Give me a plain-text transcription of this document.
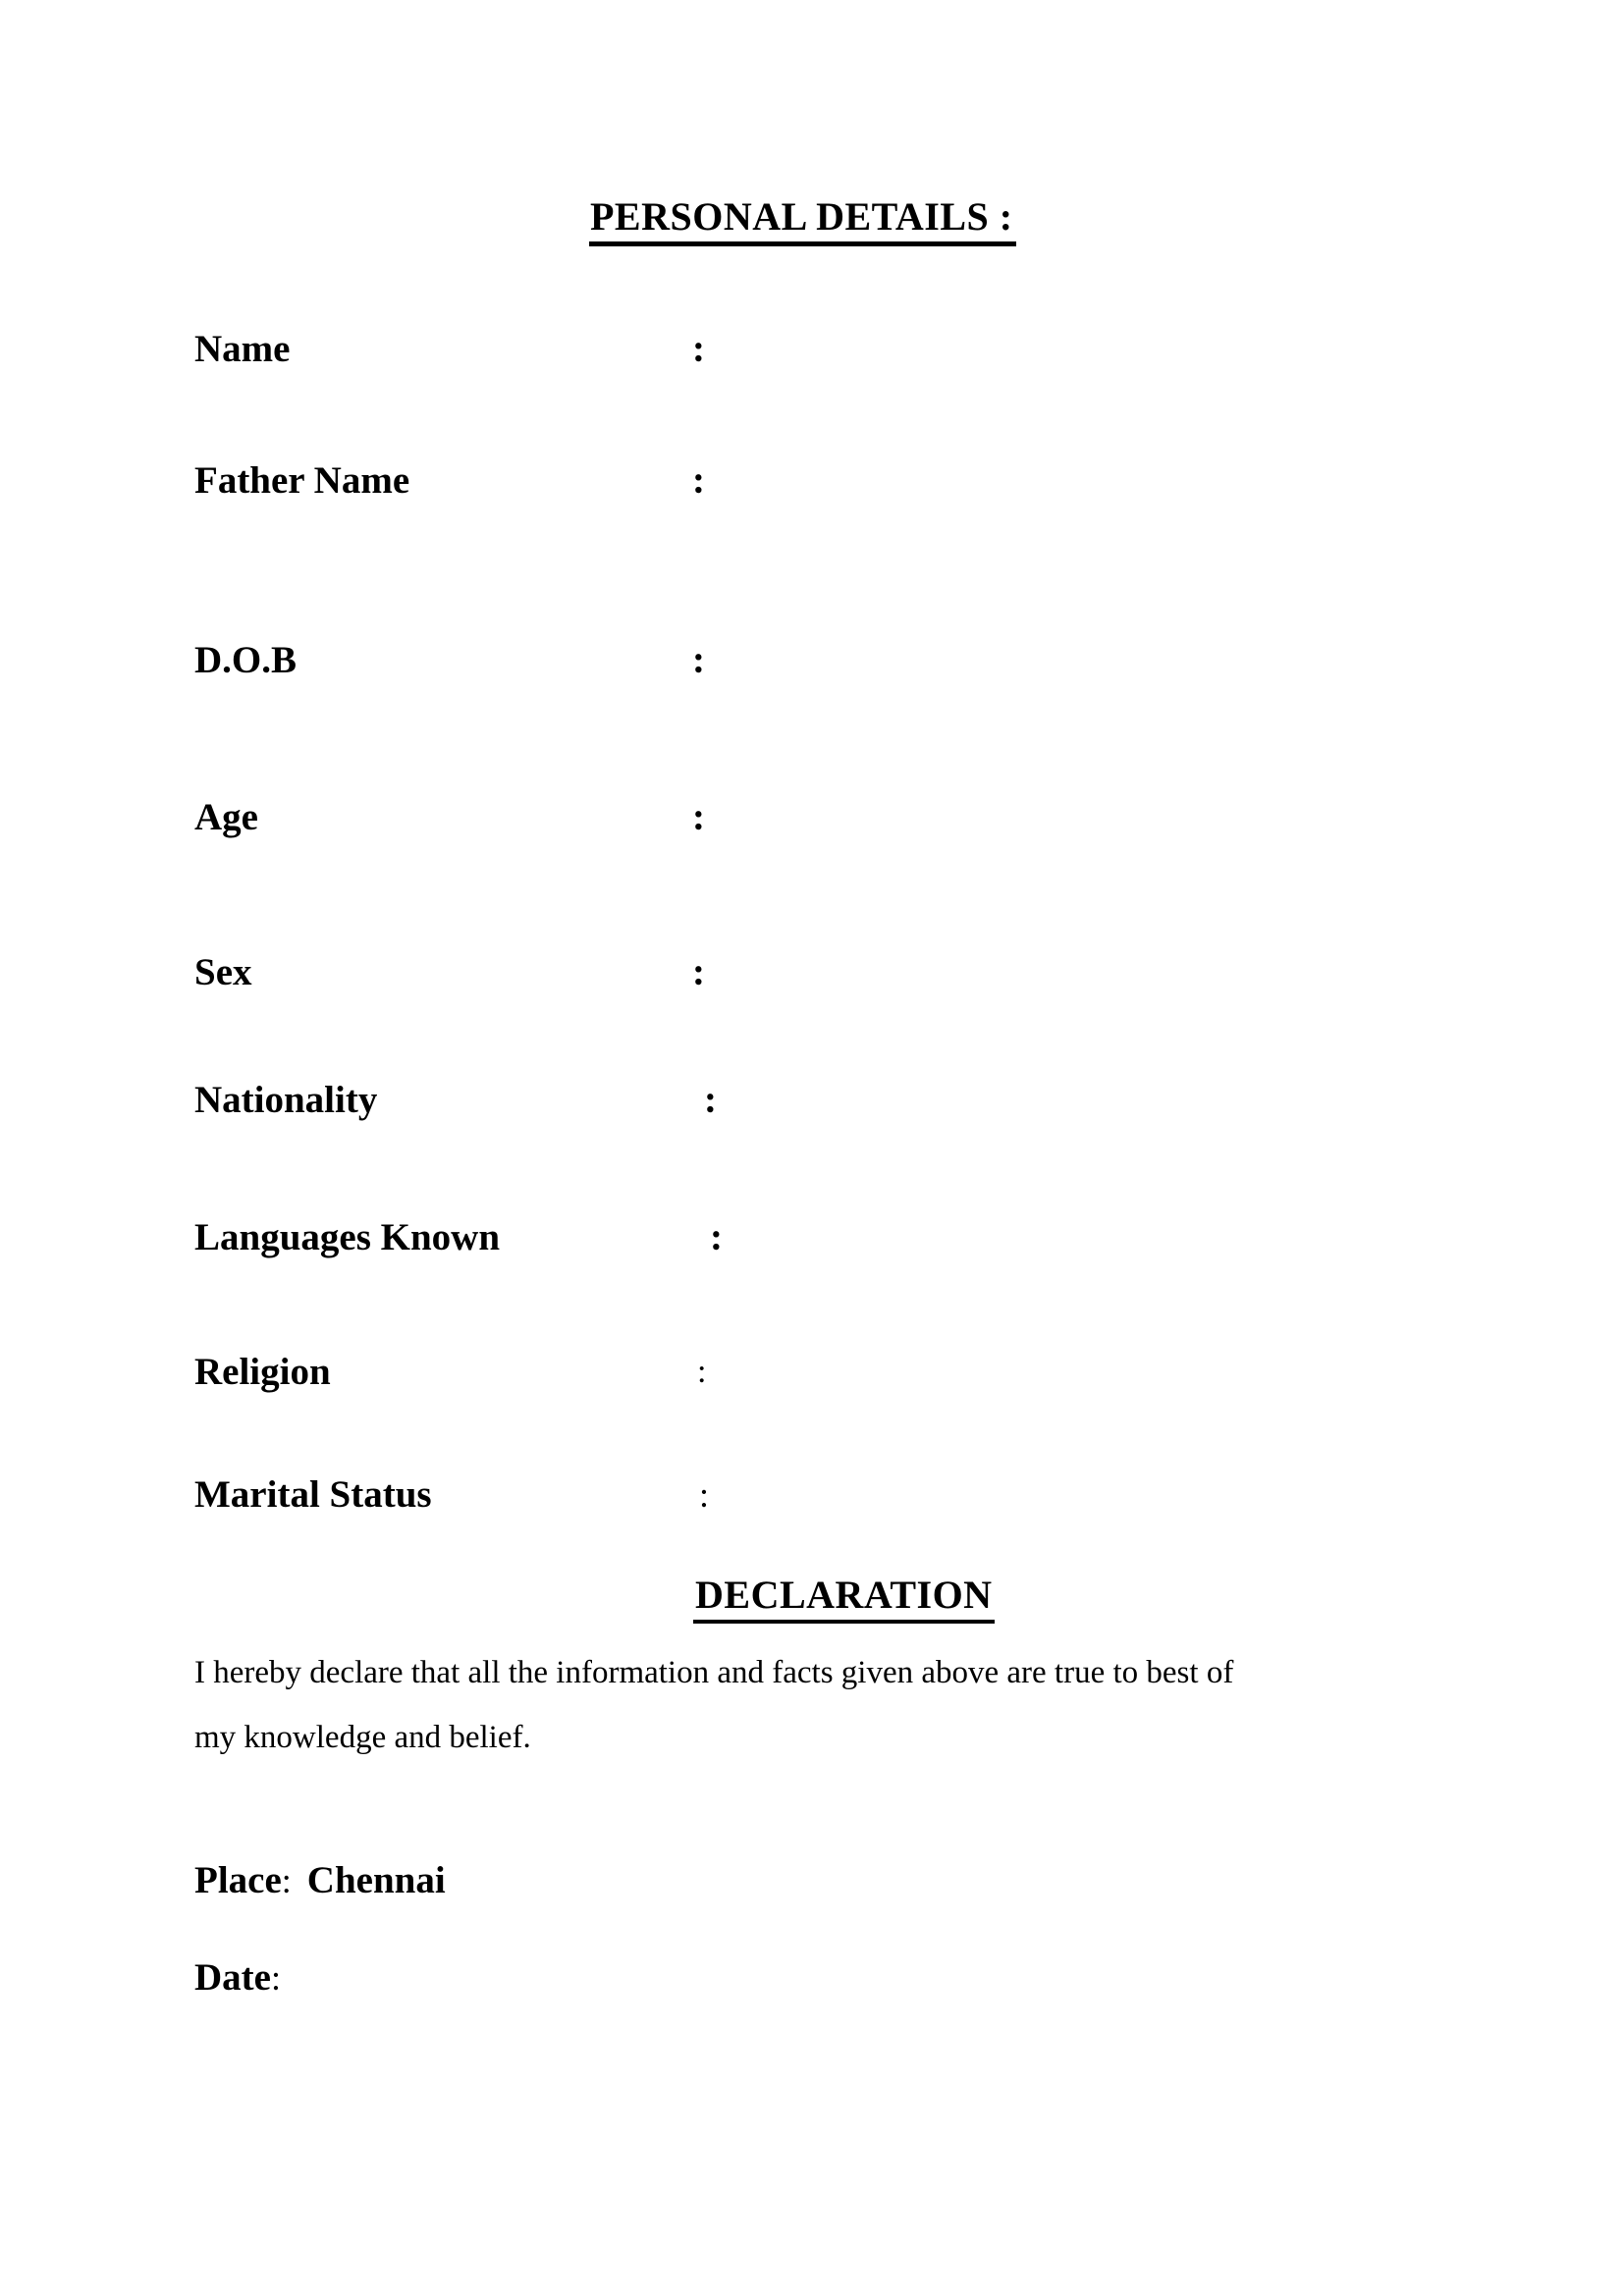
PERSONAL DETAILS :
Name	:
Father Name	:
D.O.B	:
Age	:
Sex	:
Nationality	:
Languages Known	:
Religion	:
Marital Status	:
DECLARATION
I hereby declare that all the information and facts given above are true to best of
my knowledge and belief.
Place: Chennai
Date:
